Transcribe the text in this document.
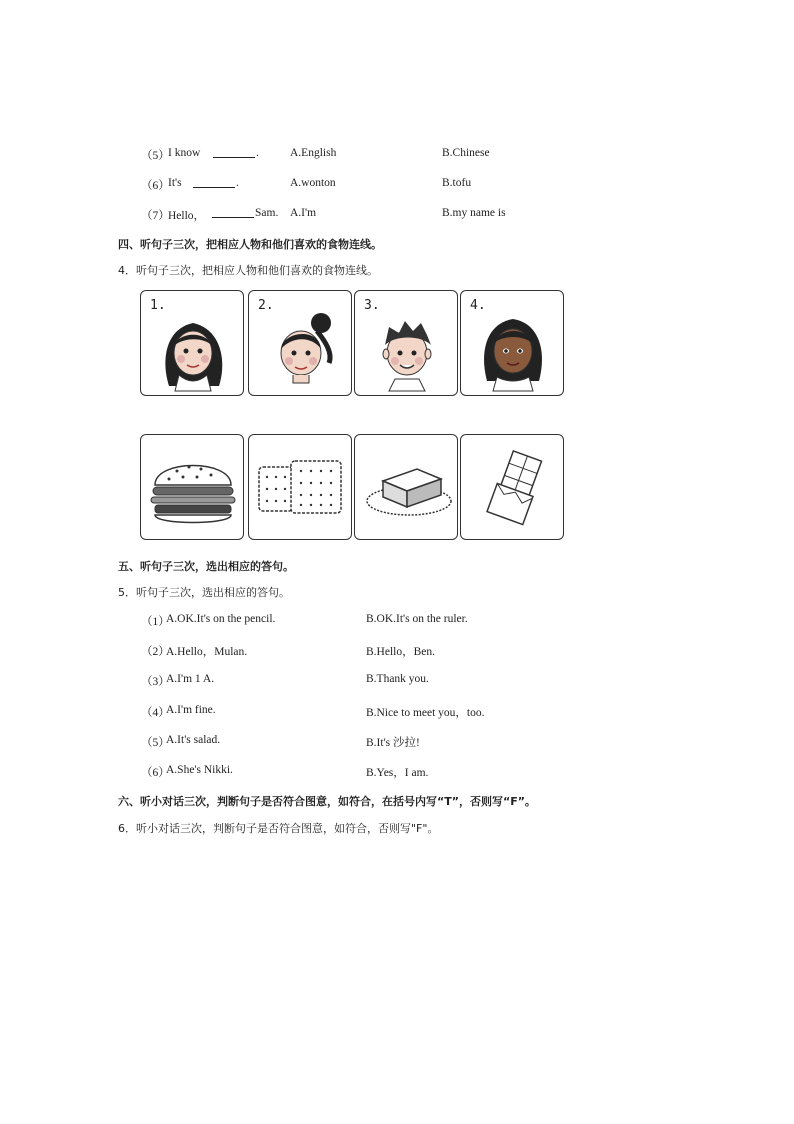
（5）
I know	.	A.English	B.Chinese
（6）
It's	.	A.wonton	B.tofu
（7）
Hello，	Sam. A.I'm	B.my name is
四、听句子三次，把相应人物和他们喜欢的食物连线。
4．听句子三次，把相应人物和他们喜欢的食物连线。
1.	2.	3.	4.
五、听句子三次，选出相应的答句。
5．听句子三次，选出相应的答句。
（1）
A.OK.It's on the pencil.	B.OK.It's on the ruler.
（2）
A.Hello，Mulan.	B.Hello，Ben.
（3）
A.I'm 1 A.	B.Thank you.
（4）
A.I'm fine.	B.Nice to meet you，too.
（5）
A.It's salad.	B.It's 沙拉!
（6）
A.She's Nikki.	B.Yes，I am.
六、听小对话三次，判断句子是否符合图意，如符合，在括号内写“T”，否则写“F”。
6．听小对话三次，判断句子是否符合图意，如符合，否则写"F"。
